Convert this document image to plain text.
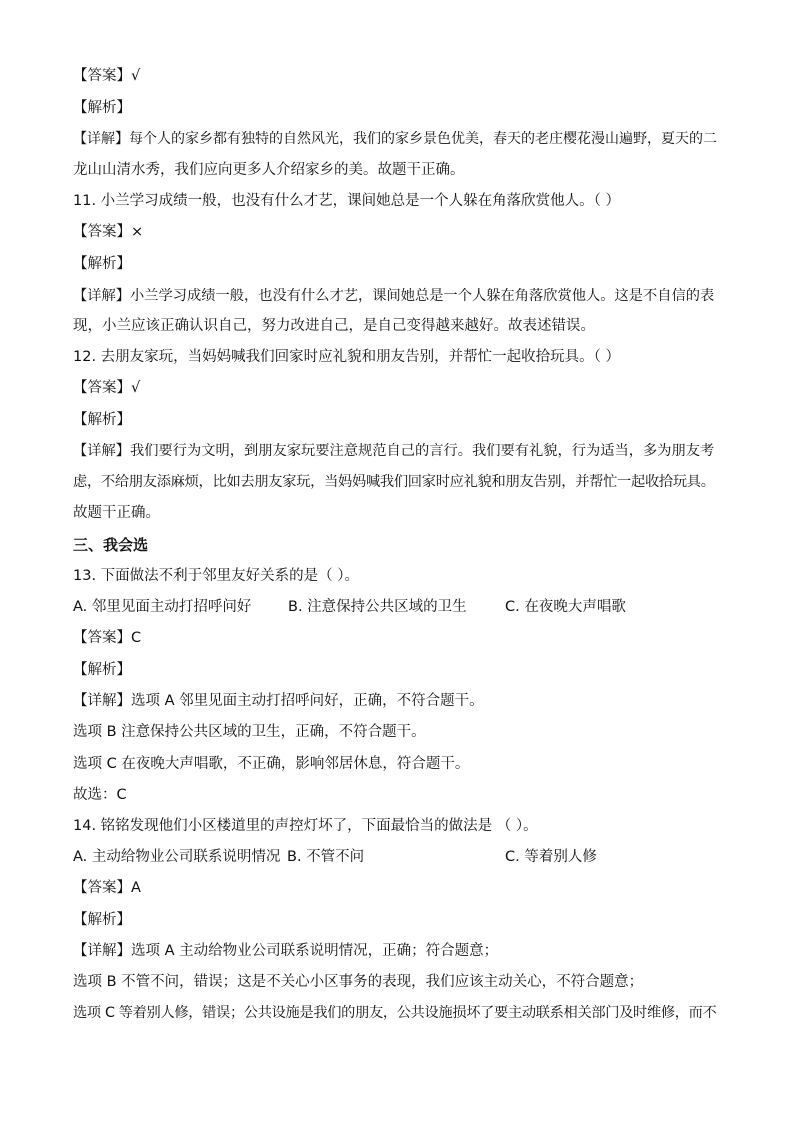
【答案】√
【解析】
【详解】每个人的家乡都有独特的自然风光，我们的家乡景色优美，春天的老庄樱花漫山遍野，夏天的二
龙山山清水秀，我们应向更多人介绍家乡的美。故题干正确。
11. 小兰学习成绩一般，也没有什么才艺，课间她总是一个人躲在角落欣赏他人。（ ）
【答案】×
【解析】
【详解】小兰学习成绩一般，也没有什么才艺，课间她总是一个人躲在角落欣赏他人。这是不自信的表
现，小兰应该正确认识自己，努力改进自己，是自己变得越来越好。故表述错误。
12. 去朋友家玩，当妈妈喊我们回家时应礼貌和朋友告别，并帮忙一起收拾玩具。（ ）
【答案】√
【解析】
【详解】我们要行为文明，到朋友家玩要注意规范自己的言行。我们要有礼貌，行为适当，多为朋友考
虑，不给朋友添麻烦，比如去朋友家玩，当妈妈喊我们回家时应礼貌和朋友告别，并帮忙一起收拾玩具。
故题干正确。
三、我会选
13. 下面做法不利于邻里友好关系的是（ ）。
A. 邻里见面主动打招呼问好	B. 注意保持公共区域的卫生	C. 在夜晚大声唱歌
【答案】C
【解析】
【详解】选项 A 邻里见面主动打招呼问好，正确，不符合题干。
选项 B 注意保持公共区域的卫生，正确，不符合题干。
选项 C 在夜晚大声唱歌，不正确，影响邻居休息，符合题干。
故选：C
14. 铭铭发现他们小区楼道里的声控灯坏了，下面最恰当的做法是 （ ）。
A. 主动给物业公司联系说明情况 B. 不管不问	C. 等着别人修
【答案】A
【解析】
【详解】选项 A 主动给物业公司联系说明情况，正确；符合题意；
选项 B 不管不问，错误；这是不关心小区事务的表现，我们应该主动关心，不符合题意；
选项 C 等着别人修，错误；公共设施是我们的朋友，公共设施损坏了要主动联系相关部门及时维修，而不
